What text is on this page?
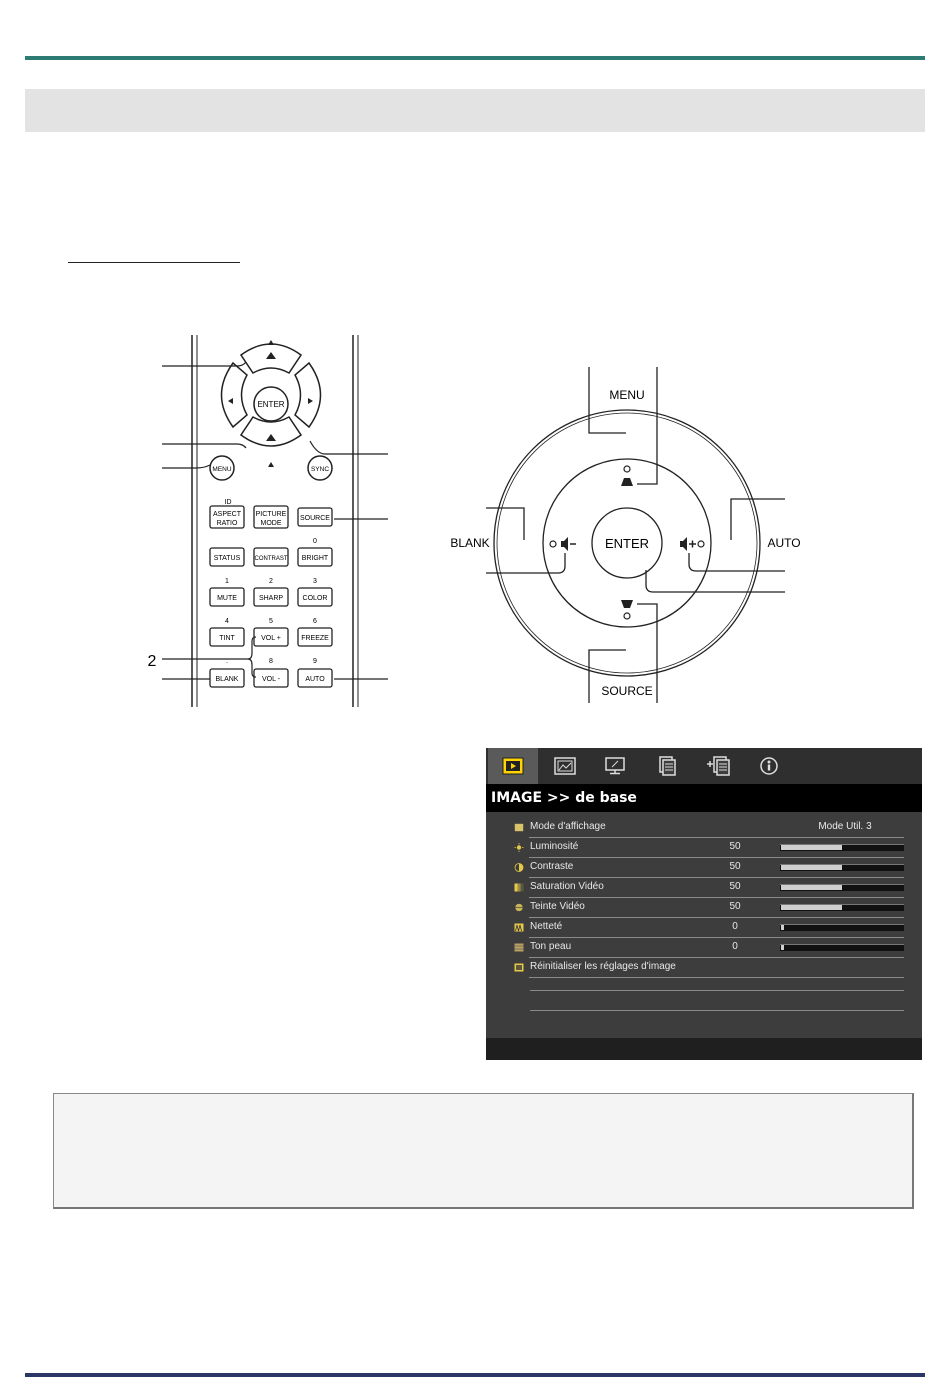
ENTER
MENU	SYNC
ID
ASPECT
RATIO
PICTURE
MODE
SOURCE
0
STATUS CONTRAST BRIGHT
1	2	3
MUTE	SHARP	COLOR
4	5	6
TINT	VOL +	FREEZE
.	8	9
BLANK	VOL -	AUTO
2
ENTER
MENU
BLANK	AUTO
SOURCE
IMAGE >> de base
Mode d'affichage	Mode Util. 3
Luminosité	50
Contraste	50
Saturation Vidéo	50
Teinte Vidéo	50
Netteté	0
Ton peau	0
Réinitialiser les réglages d'image
